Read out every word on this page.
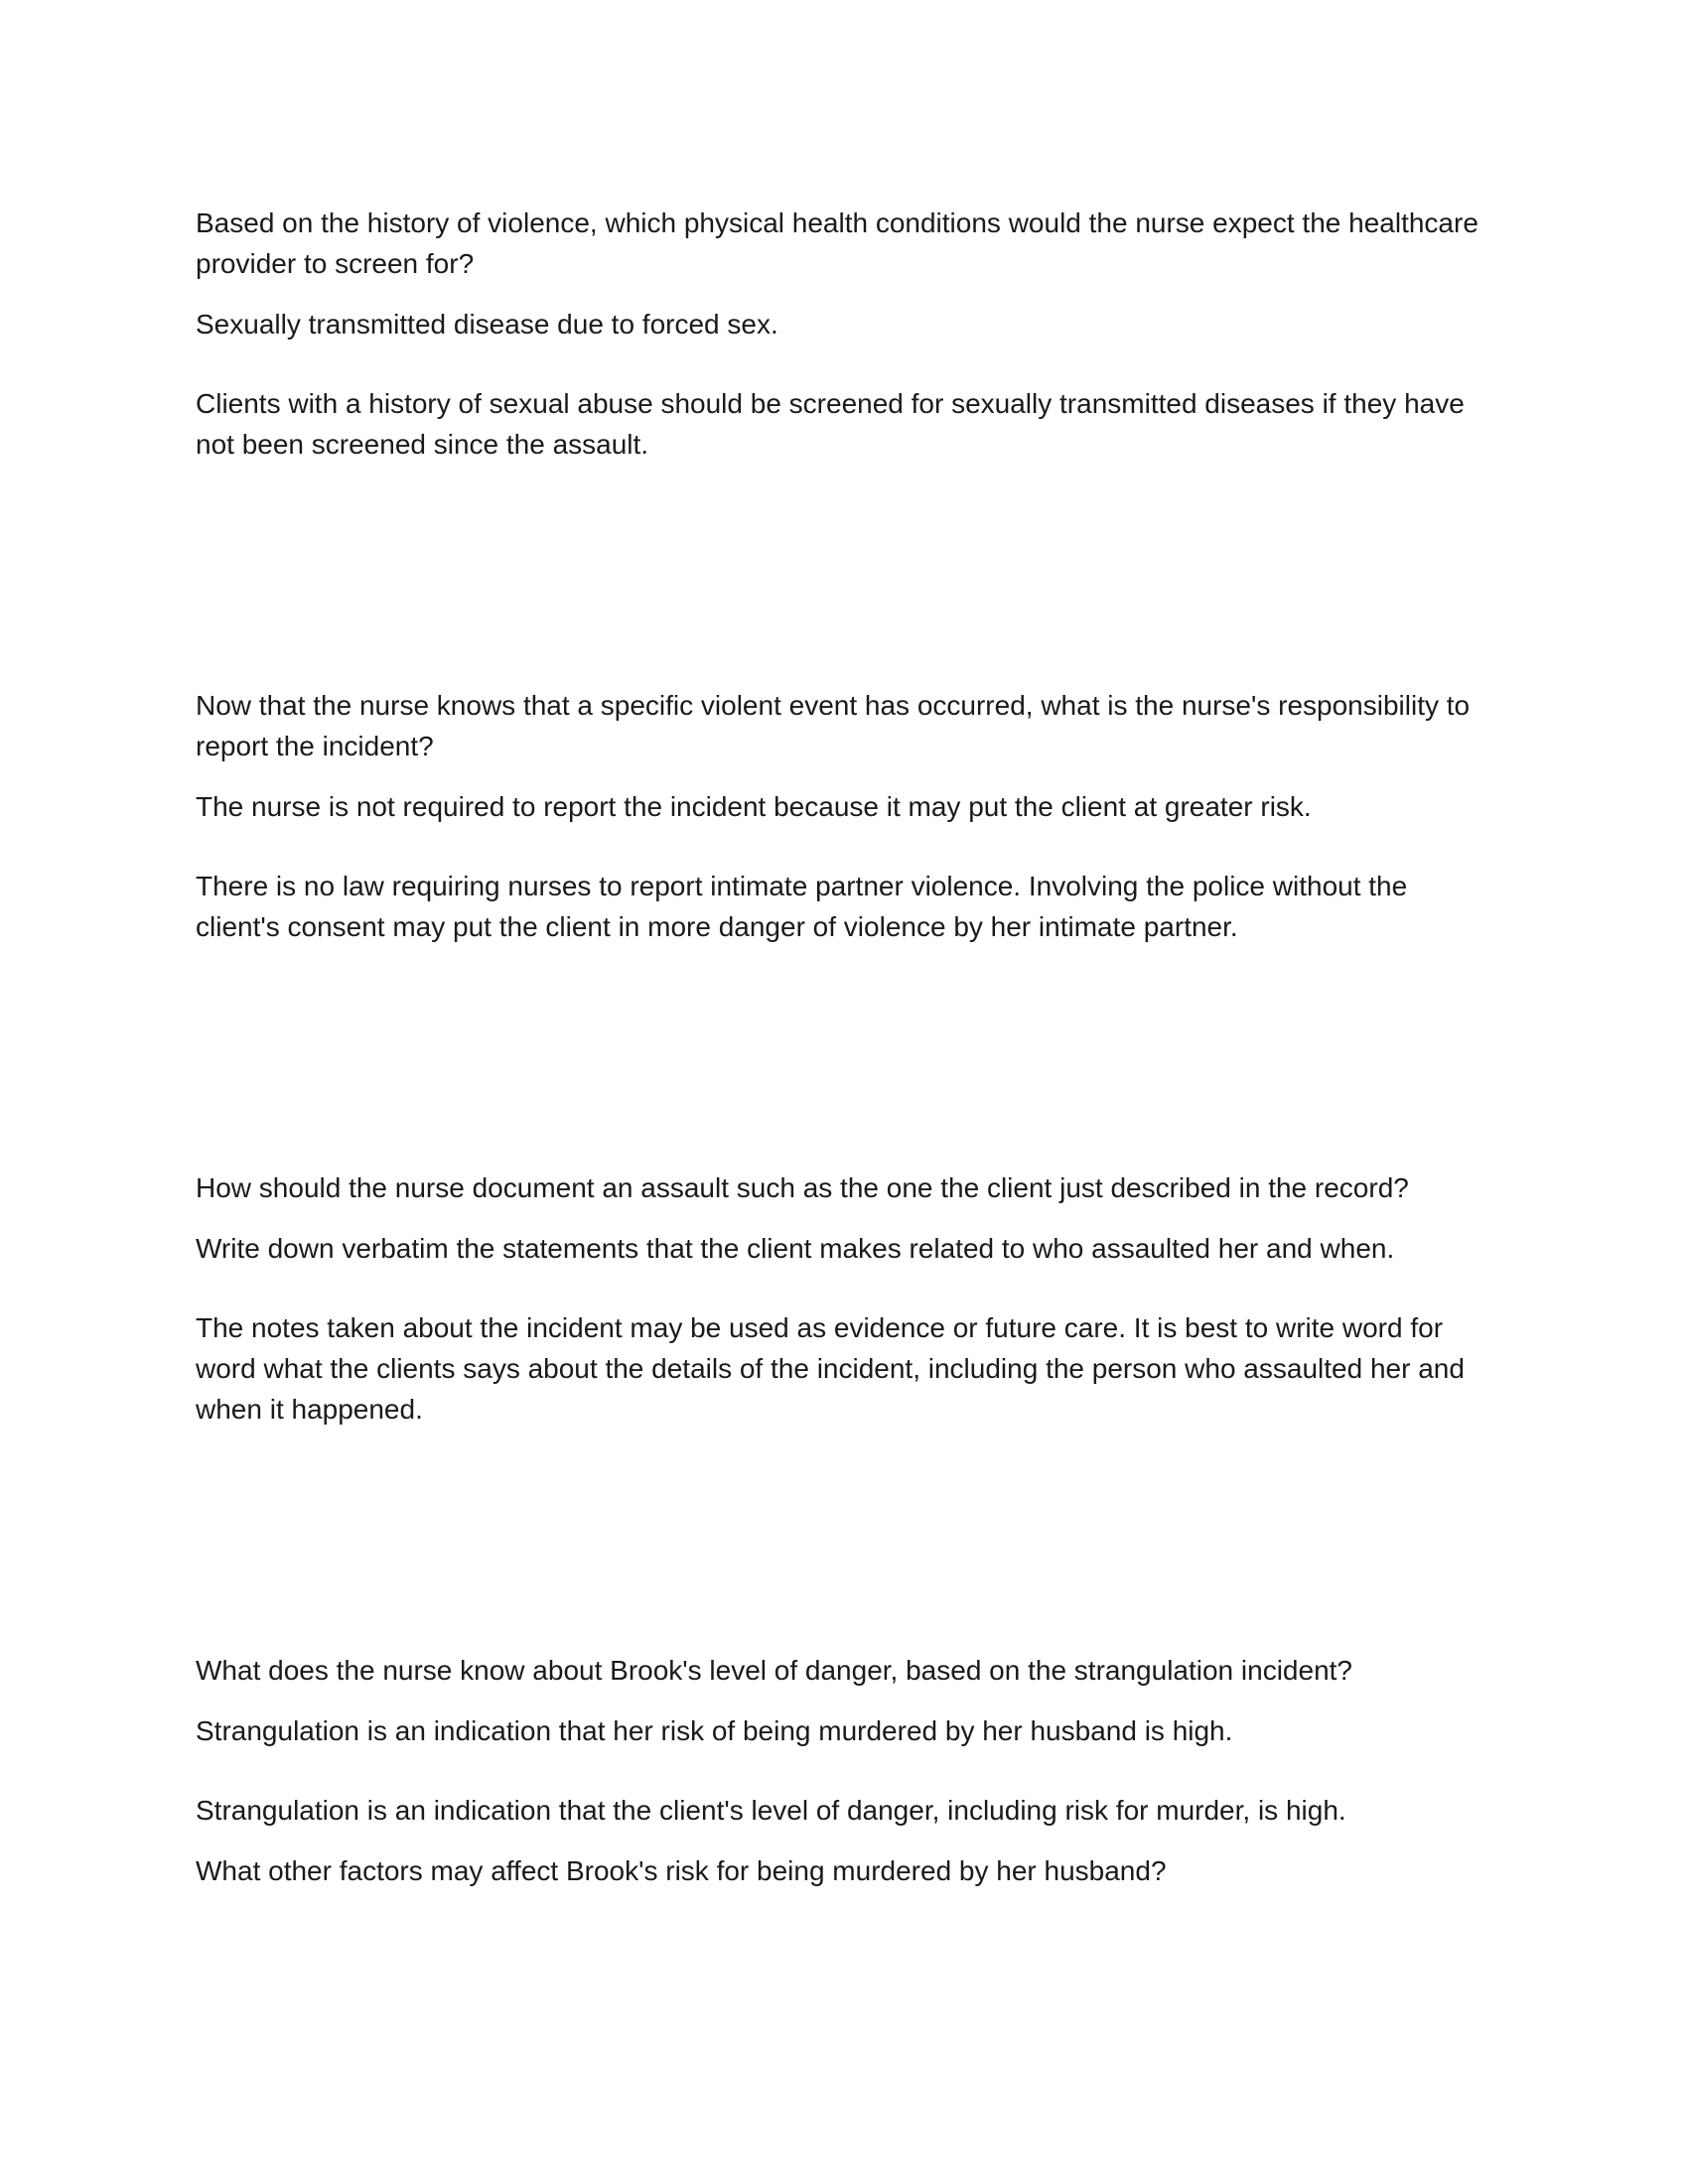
Based on the history of violence, which physical health conditions would the nurse expect the healthcare provider to screen for?

Sexually transmitted disease due to forced sex.

Clients with a history of sexual abuse should be screened for sexually transmitted diseases if they have not been screened since the assault.

Now that the nurse knows that a specific violent event has occurred, what is the nurse's responsibility to report the incident?

The nurse is not required to report the incident because it may put the client at greater risk.

There is no law requiring nurses to report intimate partner violence. Involving the police without the client's consent may put the client in more danger of violence by her intimate partner.

How should the nurse document an assault such as the one the client just described in the record?

Write down verbatim the statements that the client makes related to who assaulted her and when.

The notes taken about the incident may be used as evidence or future care. It is best to write word for word what the clients says about the details of the incident, including the person who assaulted her and when it happened.

What does the nurse know about Brook's level of danger, based on the strangulation incident?

Strangulation is an indication that her risk of being murdered by her husband is high.

Strangulation is an indication that the client's level of danger, including risk for murder, is high.

What other factors may affect Brook's risk for being murdered by her husband?
